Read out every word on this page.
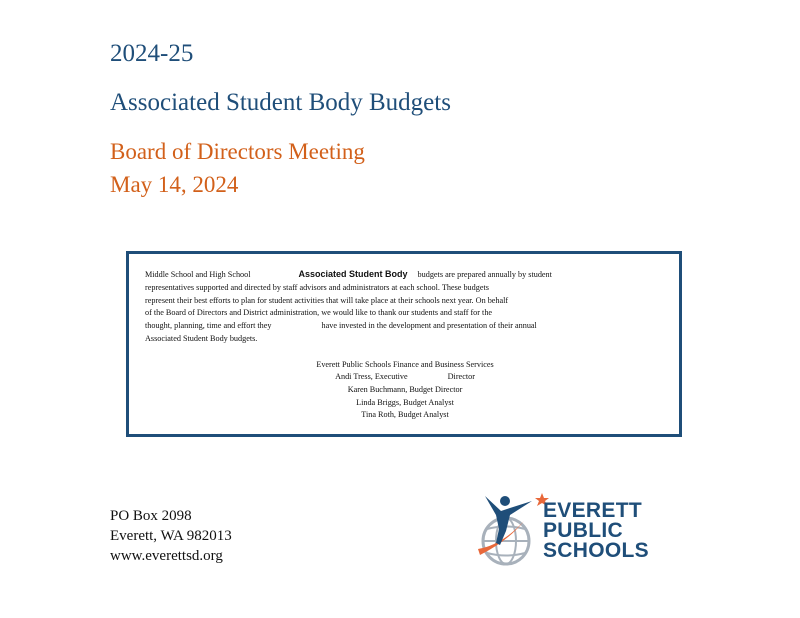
2024-25
Associated Student Body Budgets
Board of Directors Meeting
May 14, 2024
Middle School and High School	Associated Student Body budgets are prepared annually by student
representatives supported and directed by staff advisors and administrators at each school. These budgets
represent their best efforts to plan for student activities that will take place at their schools next year. On behalf
of the Board of Directors and District administration, we would like to thank our students and staff for the
thought, planning, time and effort they	have invested in the development and presentation of their annual
Associated Student Body budgets.
Everett Public Schools Finance and Business Services
Andi Tress, Executive	Director
Karen Buchmann, Budget Director
Linda Briggs, Budget Analyst
Tina Roth, Budget Analyst
PO Box 2098
Everett, WA 982013
www.everettsd.org
EVERETT
PUBLIC
SCHOOLS
